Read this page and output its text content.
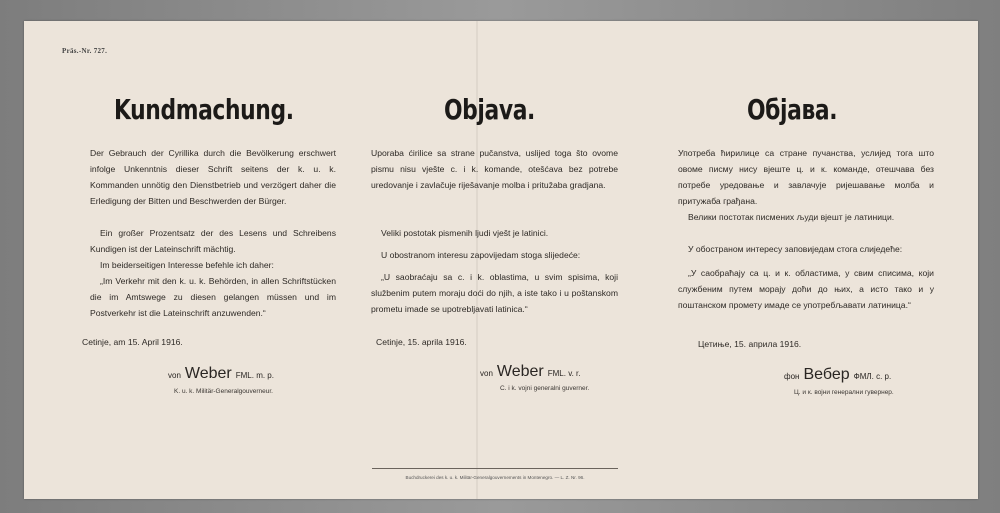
Präs.-Nr. 727.
Kundmachung.
Der Gebrauch der Cyrillika durch die Bevölkerung erschwert infolge Unkenntnis dieser Schrift seitens der k. u. k. Kommanden unnötig den Dienstbetrieb und verzögert daher die Erledigung der Bitten und Beschwerden der Bürger.
Ein großer Prozentsatz der des Lesens und Schreibens Kundigen ist der Lateinschrift mächtig.
Im beiderseitigen Interesse befehle ich daher:
„Im Verkehr mit den k. u. k. Behörden, in allen Schriftstücken die im Amtswege zu diesen gelangen müssen und im Postverkehr ist die Lateinschrift anzuwenden.“
Cetinje, am 15. April 1916.
von Weber FML. m. p.
K. u. k. Militär-Generalgouverneur.
Objava.
Uporaba ćirilice sa strane pučanstva, uslijed toga što ovome pismu nisu vješte c. i k. komande, otešćava bez potrebe uredovanje i zavlačuje riješavanje molba i pritužaba gradjana.
Veliki postotak pismenih ljudi vješt je latinici.
U obostranom interesu zapovijedam stoga slijedeće:
„U saobraćaju sa c. i k. oblastima, u svim spisima, koji službenim putem moraju doći do njih, a iste tako i u poštanskom prometu imade se upotrebljavati latinica.“
Cetinje, 15. aprila 1916.
von Weber FML. v. r.
C. i k. vojni generalni guverner.
Објава.
Употреба ћирилице са стране пучанства, услијед тога што овоме писму нису вјеште ц. и к. команде, отешчава без потребе уредовање и завлачује ријешавање молба и притужаба грађана.
Велики постотак писмених људи вјешт је латиници.
У обостраном интересу заповиједам стога слиједеће:
„У саобраћају са ц. и к. областима, у свим списима, који службеним путем морају доћи до њих, а исто тако и у поштанском промету имаде се употребљавати латиница.“
Цетиње, 15. априла 1916.
фон Вебер ФМЛ. с. р.
Ц. и к. војни генерални гувернер.
Buchdruckerei des k. u. k. Militär-Generalgouvernements in Montenegro. — L. Z. Nr. 96.
